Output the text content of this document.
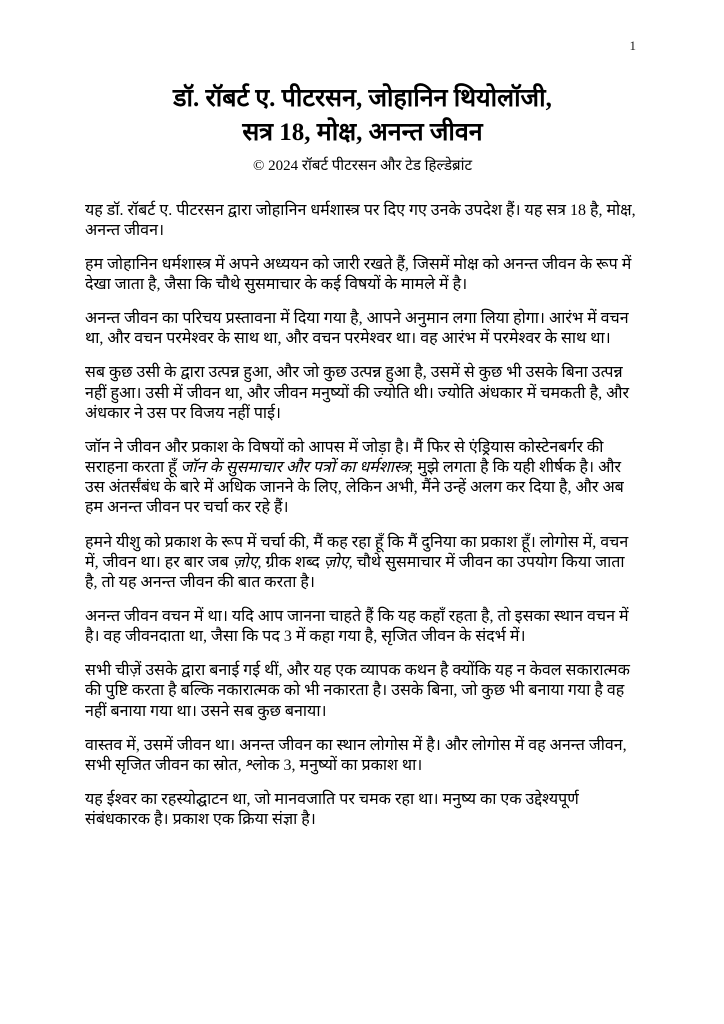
1
डॉ. रॉबर्ट ए. पीटरसन, जोहानिन थियोलॉजी,
सत्र 18, मोक्ष, अनन्त जीवन
© 2024 रॉबर्ट पीटरसन और टेड हिल्डेब्रांट

यह डॉ. रॉबर्ट ए. पीटरसन द्वारा जोहानिन धर्मशास्त्र पर दिए गए उनके उपदेश हैं। यह सत्र 18 है, मोक्ष, अनन्त जीवन।

हम जोहानिन धर्मशास्त्र में अपने अध्ययन को जारी रखते हैं, जिसमें मोक्ष को अनन्त जीवन के रूप में देखा जाता है, जैसा कि चौथे सुसमाचार के कई विषयों के मामले में है।

अनन्त जीवन का परिचय प्रस्तावना में दिया गया है, आपने अनुमान लगा लिया होगा। आरंभ में वचन था, और वचन परमेश्वर के साथ था, और वचन परमेश्वर था। वह आरंभ में परमेश्वर के साथ था।

सब कुछ उसी के द्वारा उत्पन्न हुआ, और जो कुछ उत्पन्न हुआ है, उसमें से कुछ भी उसके बिना उत्पन्न नहीं हुआ। उसी में जीवन था, और जीवन मनुष्यों की ज्योति थी। ज्योति अंधकार में चमकती है, और अंधकार ने उस पर विजय नहीं पाई।

जॉन ने जीवन और प्रकाश के विषयों को आपस में जोड़ा है। मैं फिर से एंड्रियास कोस्टेनबर्गर की सराहना करता हूँ जॉन के सुसमाचार और पत्रों का धर्मशास्त्र; मुझे लगता है कि यही शीर्षक है। और उस अंतर्संबंध के बारे में अधिक जानने के लिए, लेकिन अभी, मैंने उन्हें अलग कर दिया है, और अब हम अनन्त जीवन पर चर्चा कर रहे हैं।

हमने यीशु को प्रकाश के रूप में चर्चा की, मैं कह रहा हूँ कि मैं दुनिया का प्रकाश हूँ। लोगोस में, वचन में, जीवन था। हर बार जब ज़ोए, ग्रीक शब्द ज़ोए, चौथे सुसमाचार में जीवन का उपयोग किया जाता है, तो यह अनन्त जीवन की बात करता है।

अनन्त जीवन वचन में था। यदि आप जानना चाहते हैं कि यह कहाँ रहता है, तो इसका स्थान वचन में है। वह जीवनदाता था, जैसा कि पद 3 में कहा गया है, सृजित जीवन के संदर्भ में।

सभी चीज़ें उसके द्वारा बनाई गई थीं, और यह एक व्यापक कथन है क्योंकि यह न केवल सकारात्मक की पुष्टि करता है बल्कि नकारात्मक को भी नकारता है। उसके बिना, जो कुछ भी बनाया गया है वह नहीं बनाया गया था। उसने सब कुछ बनाया।

वास्तव में, उसमें जीवन था। अनन्त जीवन का स्थान लोगोस में है। और लोगोस में वह अनन्त जीवन, सभी सृजित जीवन का स्रोत, श्लोक 3, मनुष्यों का प्रकाश था।

यह ईश्वर का रहस्योद्घाटन था, जो मानवजाति पर चमक रहा था। मनुष्य का एक उद्देश्यपूर्ण संबंधकारक है। प्रकाश एक क्रिया संज्ञा है।
